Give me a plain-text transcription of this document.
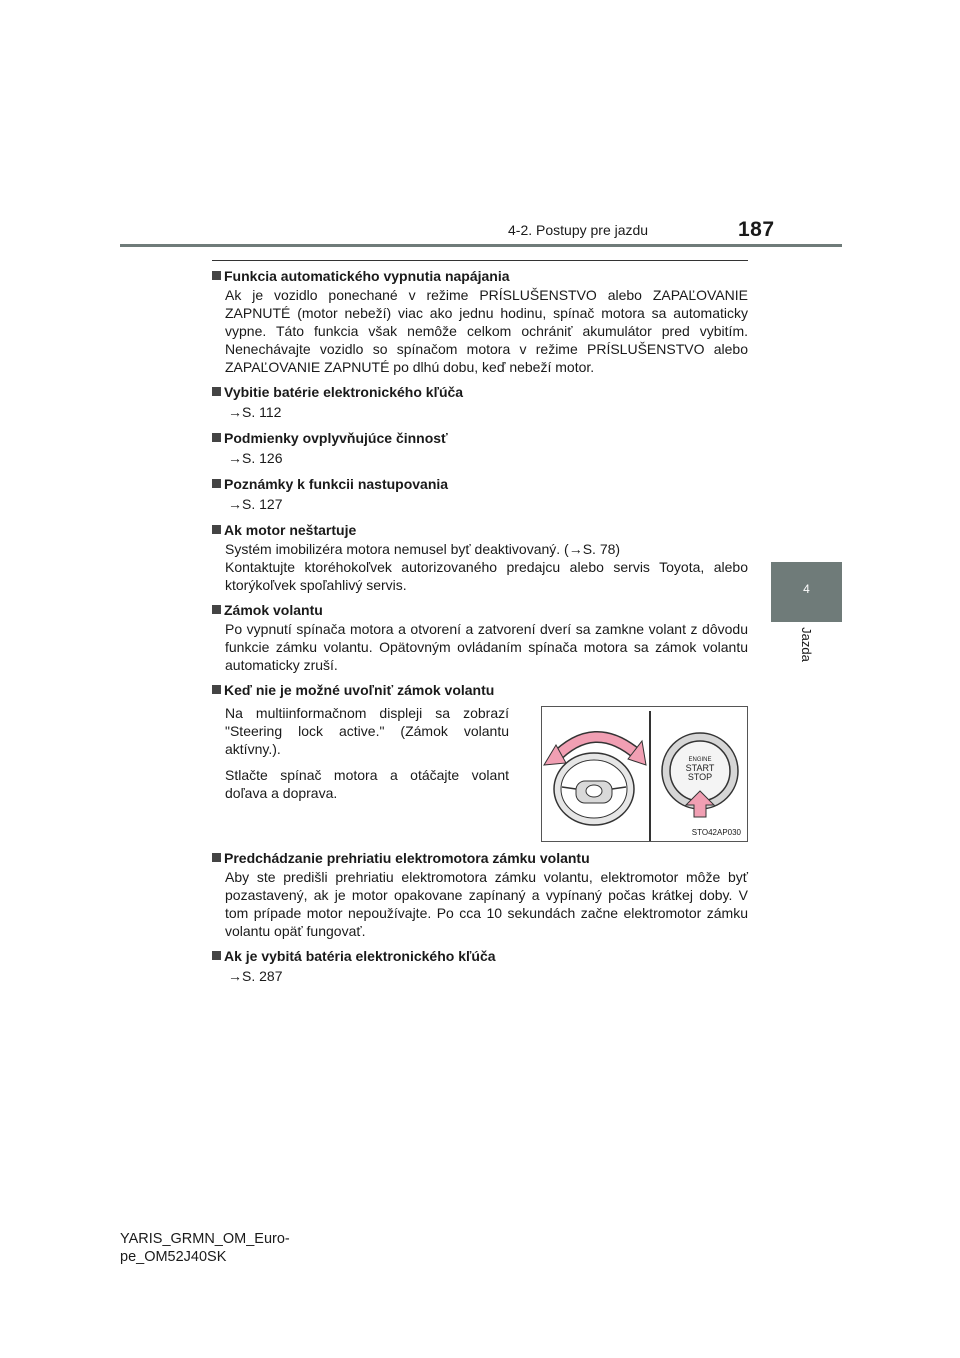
187
4-2. Postupy pre jazdu
4
Jazda
Funkcia automatického vypnutia napájania
Ak je vozidlo ponechané v režime PRÍSLUŠENSTVO alebo ZAPAĽOVANIE ZAPNUTÉ (motor nebeží) viac ako jednu hodinu, spínač motora sa automaticky vypne. Táto funkcia však nemôže celkom ochrániť akumulátor pred vybitím. Nenechávajte vozidlo so spínačom motora v režime PRÍSLUŠENSTVO alebo ZAPAĽOVANIE ZAPNUTÉ po dlhú dobu, keď nebeží motor.
Vybitie batérie elektronického kľúča
→S. 112
Podmienky ovplyvňujúce činnosť
→S. 126
Poznámky k funkcii nastupovania
→S. 127
Ak motor neštartuje
Systém imobilizéra motora nemusel byť deaktivovaný. (→S. 78)
Kontaktujte ktoréhokoľvek autorizovaného predajcu alebo servis Toyota, alebo ktorýkoľvek spoľahlivý servis.
Zámok volantu
Po vypnutí spínača motora a otvorení a zatvorení dverí sa zamkne volant z dôvodu funkcie zámku volantu. Opätovným ovládaním spínača motora sa zámok volantu automaticky zruší.
Keď nie je možné uvoľniť zámok volantu
Na multiinformačnom displeji sa zobrazí "Steering lock active." (Zámok volantu aktívny.).
Stlačte spínač motora a otáčajte volant doľava a doprava.
ENGINE
START
STOP
STO42AP030
Predchádzanie prehriatiu elektromotora zámku volantu
Aby ste predišli prehriatiu elektromotora zámku volantu, elektromotor môže byť pozastavený, ak je motor opakovane zapínaný a vypínaný počas krátkej doby. V tom prípade motor nepoužívajte. Po cca 10 sekundách začne elektromotor zámku volantu opäť fungovať.
Ak je vybitá batéria elektronického kľúča
→S. 287
YARIS_GRMN_OM_Euro-
pe_OM52J40SK
